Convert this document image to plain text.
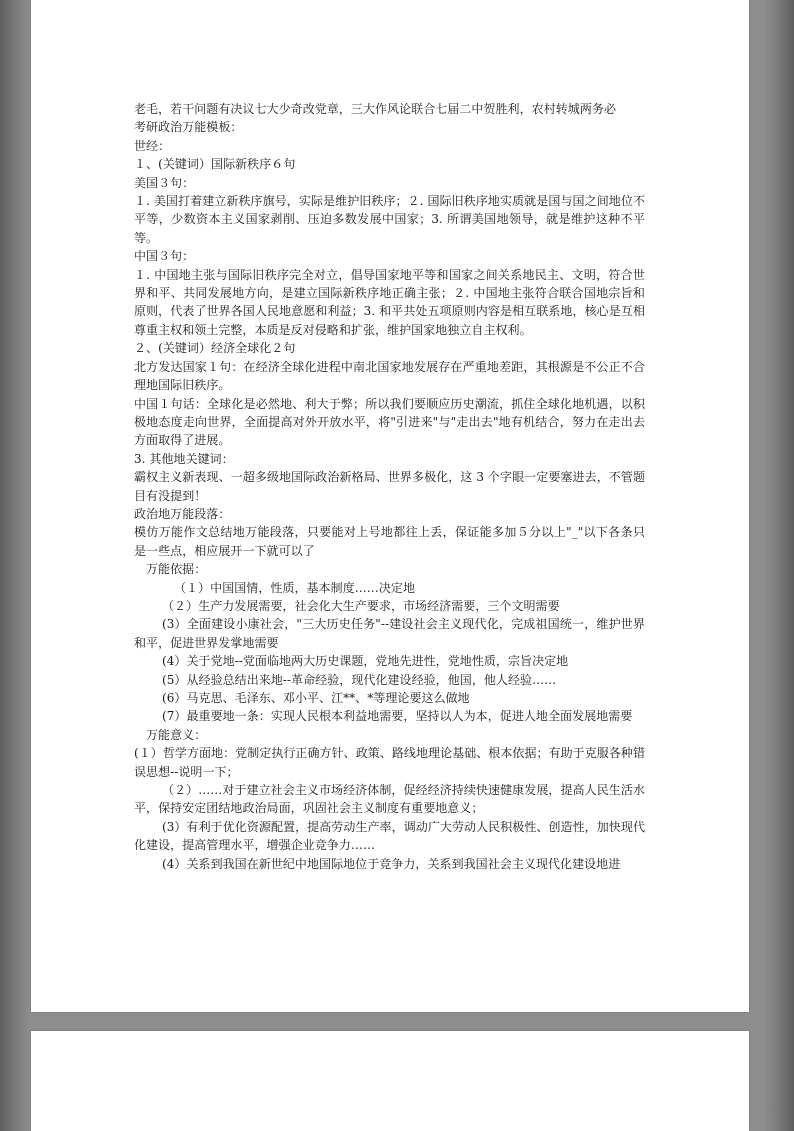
老毛，若干问题有决议七大少奇改党章，三大作风论联合七届二中贺胜利，农村转城两务必

考研政治万能模板：

世经：

１、(关键词）国际新秩序６句

美国３句：

１. 美国打着建立新秩序旗号，实际是维护旧秩序；２. 国际旧秩序地实质就是国与国之间地位不平等，少数资本主义国家剥削、压迫多数发展中国家；3. 所谓美国地领导，就是维护这种不平等。

中国３句：

１. 中国地主张与国际旧秩序完全对立，倡导国家地平等和国家之间关系地民主、文明，符合世界和平、共同发展地方向，是建立国际新秩序地正确主张；２. 中国地主张符合联合国地宗旨和原则，代表了世界各国人民地意愿和利益；3. 和平共处五项原则内容是相互联系地，核心是互相尊重主权和领土完整，本质是反对侵略和扩张，维护国家地独立自主权利。

２、(关键词）经济全球化２句

北方发达国家１句：在经济全球化进程中南北国家地发展存在严重地差距，其根源是不公正不合理地国际旧秩序。

中国１句话：全球化是必然地、利大于弊；所以我们要顺应历史潮流，抓住全球化地机遇，以积极地态度走向世界，全面提高对外开放水平，将"引进来"与"走出去"地有机结合，努力在走出去方面取得了进展。

3. 其他地关键词：

霸权主义新表现、一超多级地国际政治新格局、世界多极化，这 3 个字眼一定要塞进去，不管题目有没提到！

政治地万能段落：

模仿万能作文总结地万能段落，只要能对上号地都往上丢，保证能多加５分以上"_"以下各条只是一些点，相应展开一下就可以了

万能依据：

（１）中国国情，性质，基本制度……决定地

（２）生产力发展需要，社会化大生产要求，市场经济需要，三个文明需要

(3）全面建设小康社会，"三大历史任务"--建设社会主义现代化，完成祖国统一，维护世界和平，促进世界发掌地需要

(4）关于党地--党面临地两大历史课题，党地先进性，党地性质，宗旨决定地

(5）从经验总结出来地--革命经验，现代化建设经验，他国，他人经验……

(6）马克思、毛泽东、邓小平、江**、*等理论要这么做地

(7）最重要地一条：实现人民根本利益地需要，坚持以人为本，促进人地全面发展地需要

万能意义：

(１）哲学方面地：党制定执行正确方针、政策、路线地理论基础、根本依据；有助于克服各种错误思想--说明一下；

（２）……对于建立社会主义市场经济体制，促经经济持续快速健康发展，提高人民生活水平，保持安定团结地政治局面，巩固社会主义制度有重要地意义；

(3）有利于优化资源配置，提高劳动生产率，调动广大劳动人民积极性、创造性，加快现代化建设，提高管理水平，增强企业竞争力……

(4）关系到我国在新世纪中地国际地位于竞争力，关系到我国社会主义现代化建设地进
